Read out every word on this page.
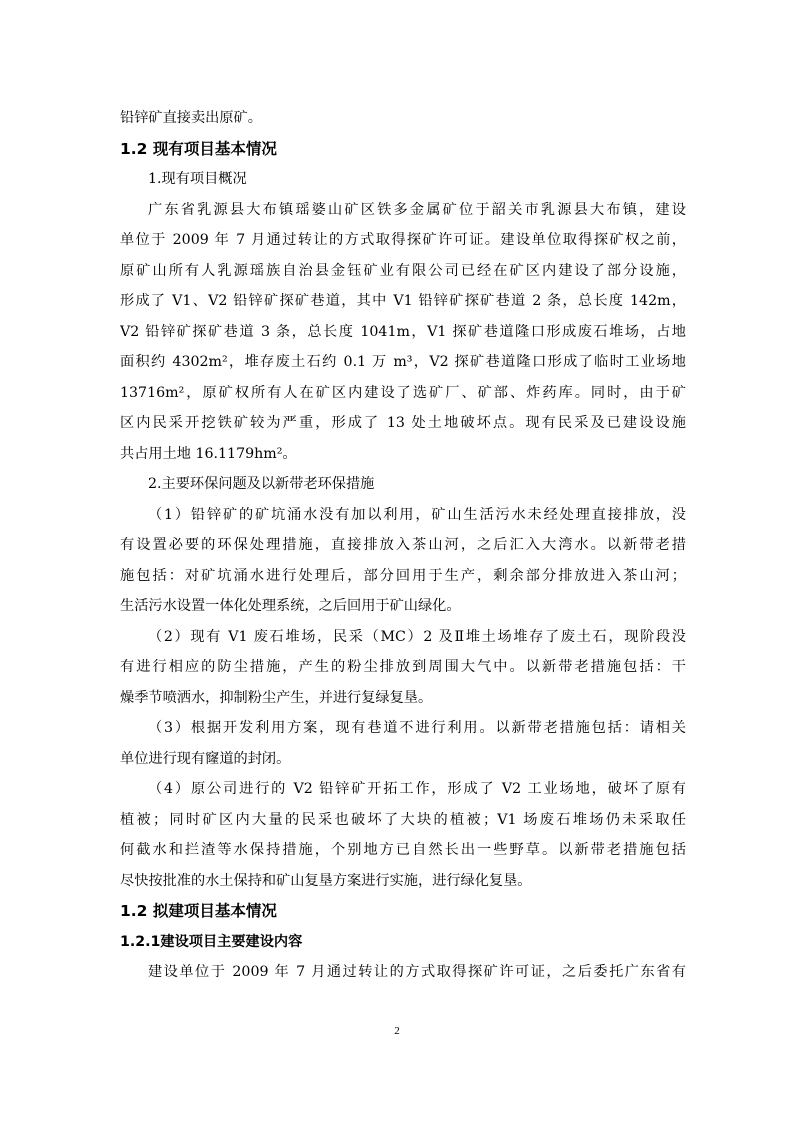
铅锌矿直接卖出原矿。
1.2 现有项目基本情况
1.现有项目概况
广东省乳源县大布镇瑶婆山矿区铁多金属矿位于韶关市乳源县大布镇，建设
单位于 2009 年 7 月通过转让的方式取得探矿许可证。建设单位取得探矿权之前，
原矿山所有人乳源瑶族自治县金钰矿业有限公司已经在矿区内建设了部分设施，
形成了 V1、V2 铅锌矿探矿巷道，其中 V1 铅锌矿探矿巷道 2 条，总长度 142m，
V2 铅锌矿探矿巷道 3 条，总长度 1041m，V1 探矿巷道隆口形成废石堆场，占地
面积约 4302m²，堆存废土石约 0.1 万 m³，V2 探矿巷道隆口形成了临时工业场地
13716m²，原矿权所有人在矿区内建设了选矿厂、矿部、炸药库。同时，由于矿
区内民采开挖铁矿较为严重，形成了 13 处土地破坏点。现有民采及已建设设施
共占用土地 16.1179hm²。
2.主要环保问题及以新带老环保措施
（1）铅锌矿的矿坑涌水没有加以利用，矿山生活污水未经处理直接排放，没
有设置必要的环保处理措施，直接排放入茶山河，之后汇入大湾水。以新带老措
施包括：对矿坑涌水进行处理后，部分回用于生产，剩余部分排放进入茶山河；
生活污水设置一体化处理系统，之后回用于矿山绿化。
（2）现有 V1 废石堆场，民采（MC）2 及Ⅱ堆土场堆存了废土石，现阶段没
有进行相应的防尘措施，产生的粉尘排放到周围大气中。以新带老措施包括：干
燥季节喷洒水，抑制粉尘产生，并进行复绿复垦。
（3）根据开发利用方案，现有巷道不进行利用。以新带老措施包括：请相关
单位进行现有窿道的封闭。
（4）原公司进行的 V2 铅锌矿开拓工作，形成了 V2 工业场地，破坏了原有
植被；同时矿区内大量的民采也破坏了大块的植被；V1 场废石堆场仍未采取任
何截水和拦渣等水保持措施，个别地方已自然长出一些野草。以新带老措施包括
尽快按批准的水土保持和矿山复垦方案进行实施，进行绿化复垦。
1.2 拟建项目基本情况
1.2.1建设项目主要建设内容
建设单位于 2009 年 7 月通过转让的方式取得探矿许可证，之后委托广东省有
2
